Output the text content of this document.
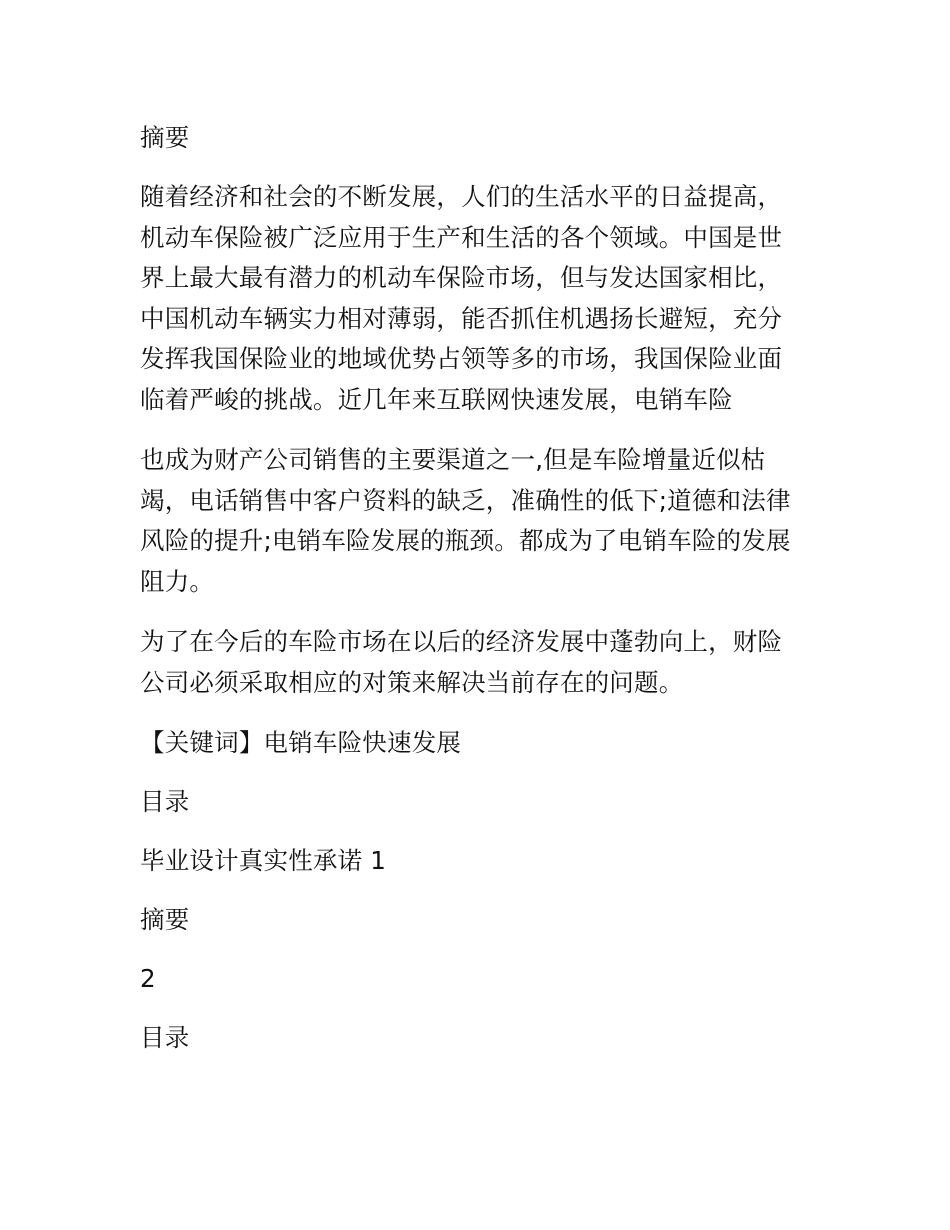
摘要

随着经济和社会的不断发展，人们的生活水平的日益提高，机动车保险被广泛应用于生产和生活的各个领域。中国是世界上最大最有潜力的机动车保险市场，但与发达国家相比，中国机动车辆实力相对薄弱，能否抓住机遇扬长避短，充分发挥我国保险业的地域优势占领等多的市场，我国保险业面临着严峻的挑战。近几年来互联网快速发展，电销车险

也成为财产公司销售的主要渠道之一,但是车险增量近似枯竭，电话销售中客户资料的缺乏，准确性的低下;道德和法律风险的提升;电销车险发展的瓶颈。都成为了电销车险的发展阻力。

为了在今后的车险市场在以后的经济发展中蓬勃向上，财险公司必须采取相应的对策来解决当前存在的问题。

【关键词】电销车险快速发展

目录

毕业设计真实性承诺 1

摘要

2

目录
